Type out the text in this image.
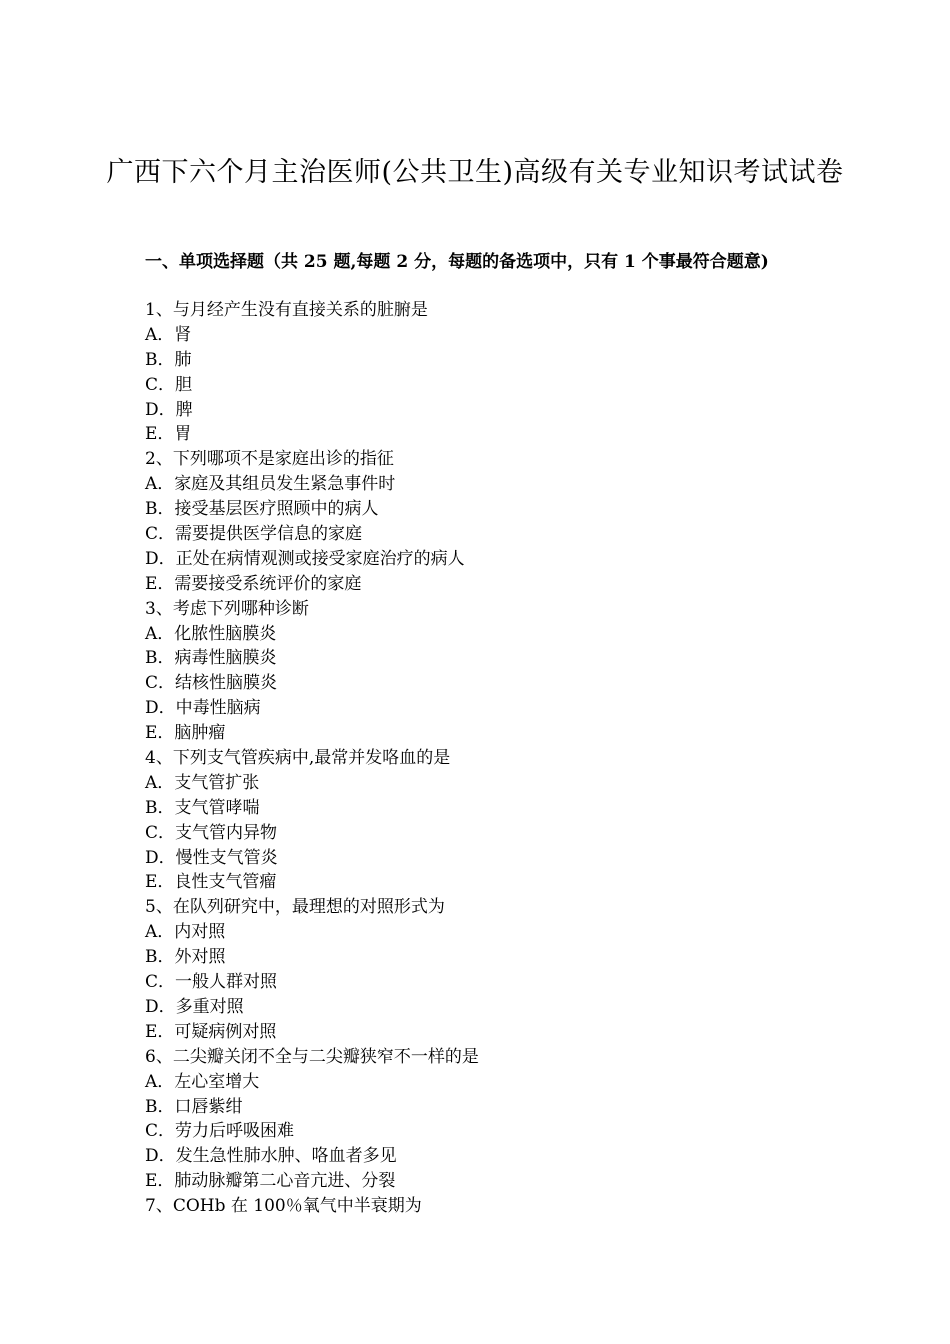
广西下六个月主治医师(公共卫生)高级有关专业知识考试试卷
一、单项选择题（共 25 题,每题 2 分，每题的备选项中，只有 1 个事最符合题意)
1、与月经产生没有直接关系的脏腑是
A．肾
B．肺
C．胆
D．脾
E．胃
2、下列哪项不是家庭出诊的指征
A．家庭及其组员发生紧急事件时
B．接受基层医疗照顾中的病人
C．需要提供医学信息的家庭
D．正处在病情观测或接受家庭治疗的病人
E．需要接受系统评价的家庭
3、考虑下列哪种诊断
A．化脓性脑膜炎
B．病毒性脑膜炎
C．结核性脑膜炎
D．中毒性脑病
E．脑肿瘤
4、下列支气管疾病中,最常并发咯血的是
A．支气管扩张
B．支气管哮喘
C．支气管内异物
D．慢性支气管炎
E．良性支气管瘤
5、在队列研究中，最理想的对照形式为
A．内对照
B．外对照
C．一般人群对照
D．多重对照
E．可疑病例对照
6、二尖瓣关闭不全与二尖瓣狭窄不一样的是
A．左心室增大
B．口唇紫绀
C．劳力后呼吸困难
D．发生急性肺水肿、咯血者多见
E．肺动脉瓣第二心音亢进、分裂
7、COHb 在 100％氧气中半衰期为
